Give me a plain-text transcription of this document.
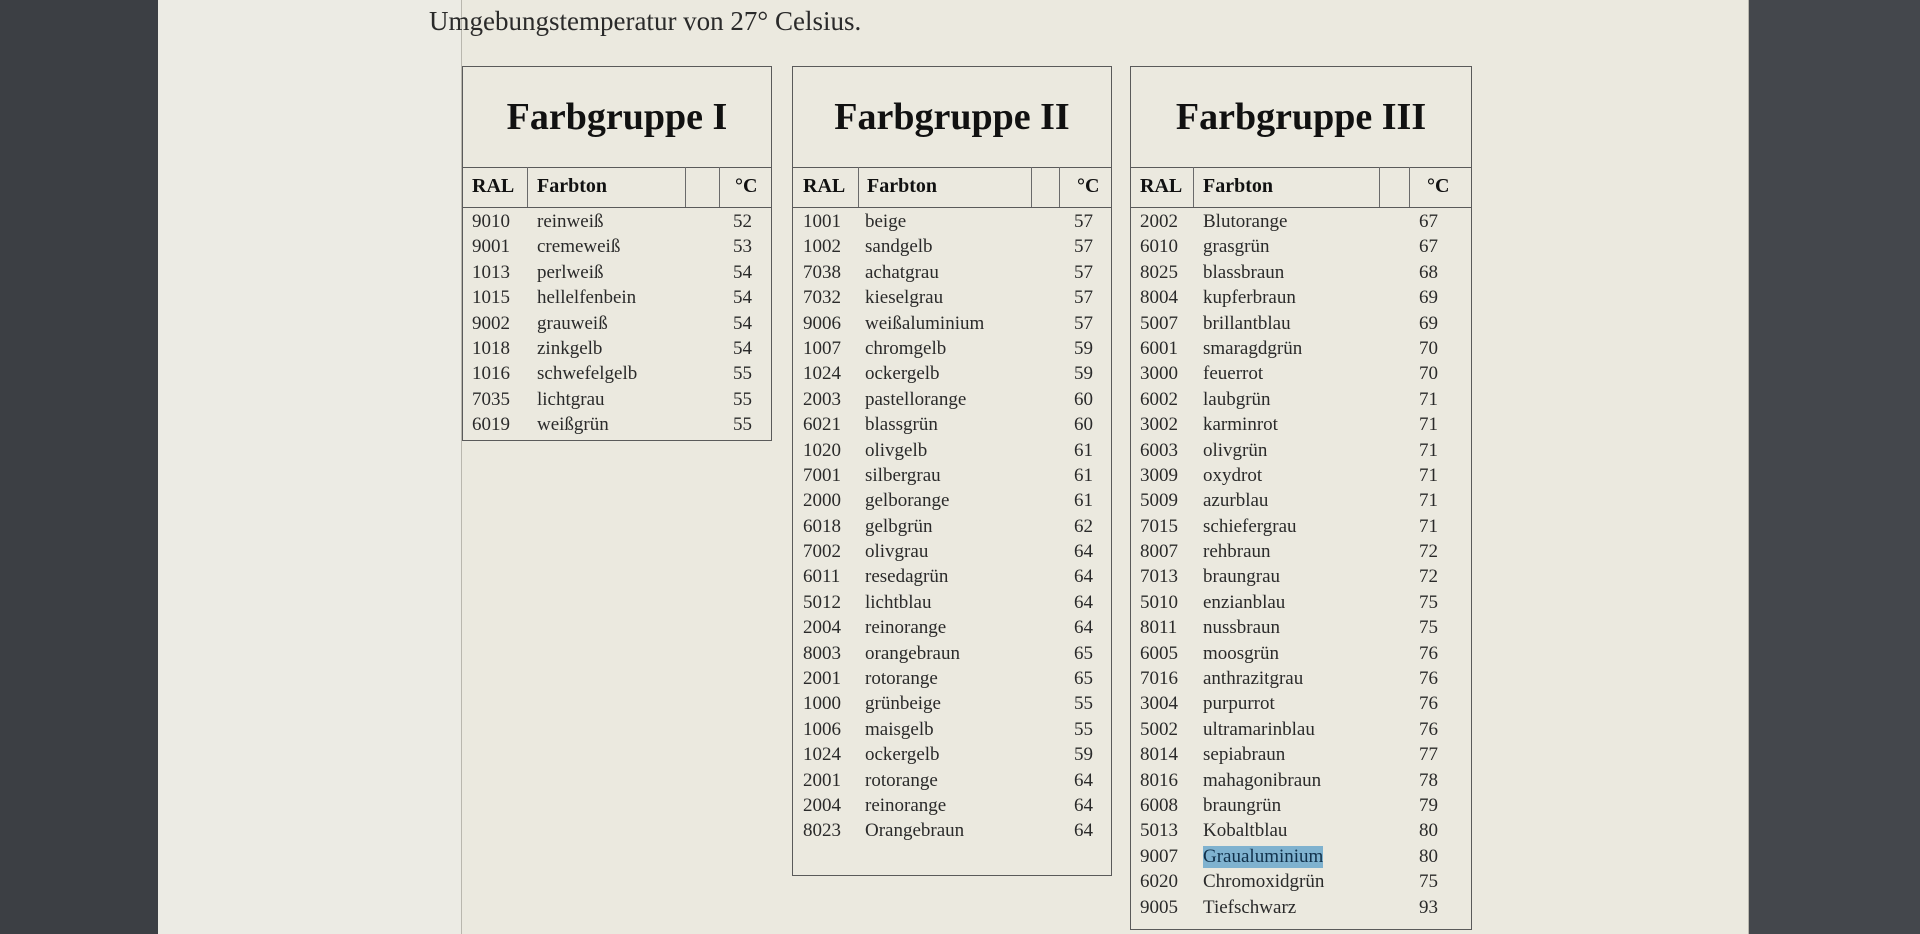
Umgebungstemperatur von 27° Celsius.
Farbgruppe I
RAL Farbton	°C
9010 reinweiß	52
9001 cremeweiß	53
1013 perlweiß	54
1015 hellelfenbein	54
9002 grauweiß	54
1018 zinkgelb	54
1016 schwefelgelb	55
7035 lichtgrau	55
6019 weißgrün	55
Farbgruppe II
RAL Farbton	°C
1001 beige	57
1002 sandgelb	57
7038 achatgrau	57
7032 kieselgrau	57
9006 weißaluminium	57
1007 chromgelb	59
1024 ockergelb	59
2003 pastellorange	60
6021 blassgrün	60
1020 olivgelb	61
7001 silbergrau	61
2000 gelborange	61
6018 gelbgrün	62
7002 olivgrau	64
6011 resedagrün	64
5012 lichtblau	64
2004 reinorange	64
8003 orangebraun	65
2001 rotorange	65
1000 grünbeige	55
1006 maisgelb	55
1024 ockergelb	59
2001 rotorange	64
2004 reinorange	64
8023 Orangebraun	64
Farbgruppe III
RAL Farbton	°C
2002 Blutorange	67
6010 grasgrün	67
8025 blassbraun	68
8004 kupferbraun	69
5007 brillantblau	69
6001 smaragdgrün	70
3000 feuerrot	70
6002 laubgrün	71
3002 karminrot	71
6003 olivgrün	71
3009 oxydrot	71
5009 azurblau	71
7015 schiefergrau	71
8007 rehbraun	72
7013 braungrau	72
5010 enzianblau	75
8011 nussbraun	75
6005 moosgrün	76
7016 anthrazitgrau	76
3004 purpurrot	76
5002 ultramarinblau	76
8014 sepiabraun	77
8016 mahagonibraun	78
6008 braungrün	79
5013 Kobaltblau	80
9007 Graualuminium	80
6020 Chromoxidgrün	75
9005 Tiefschwarz	93
